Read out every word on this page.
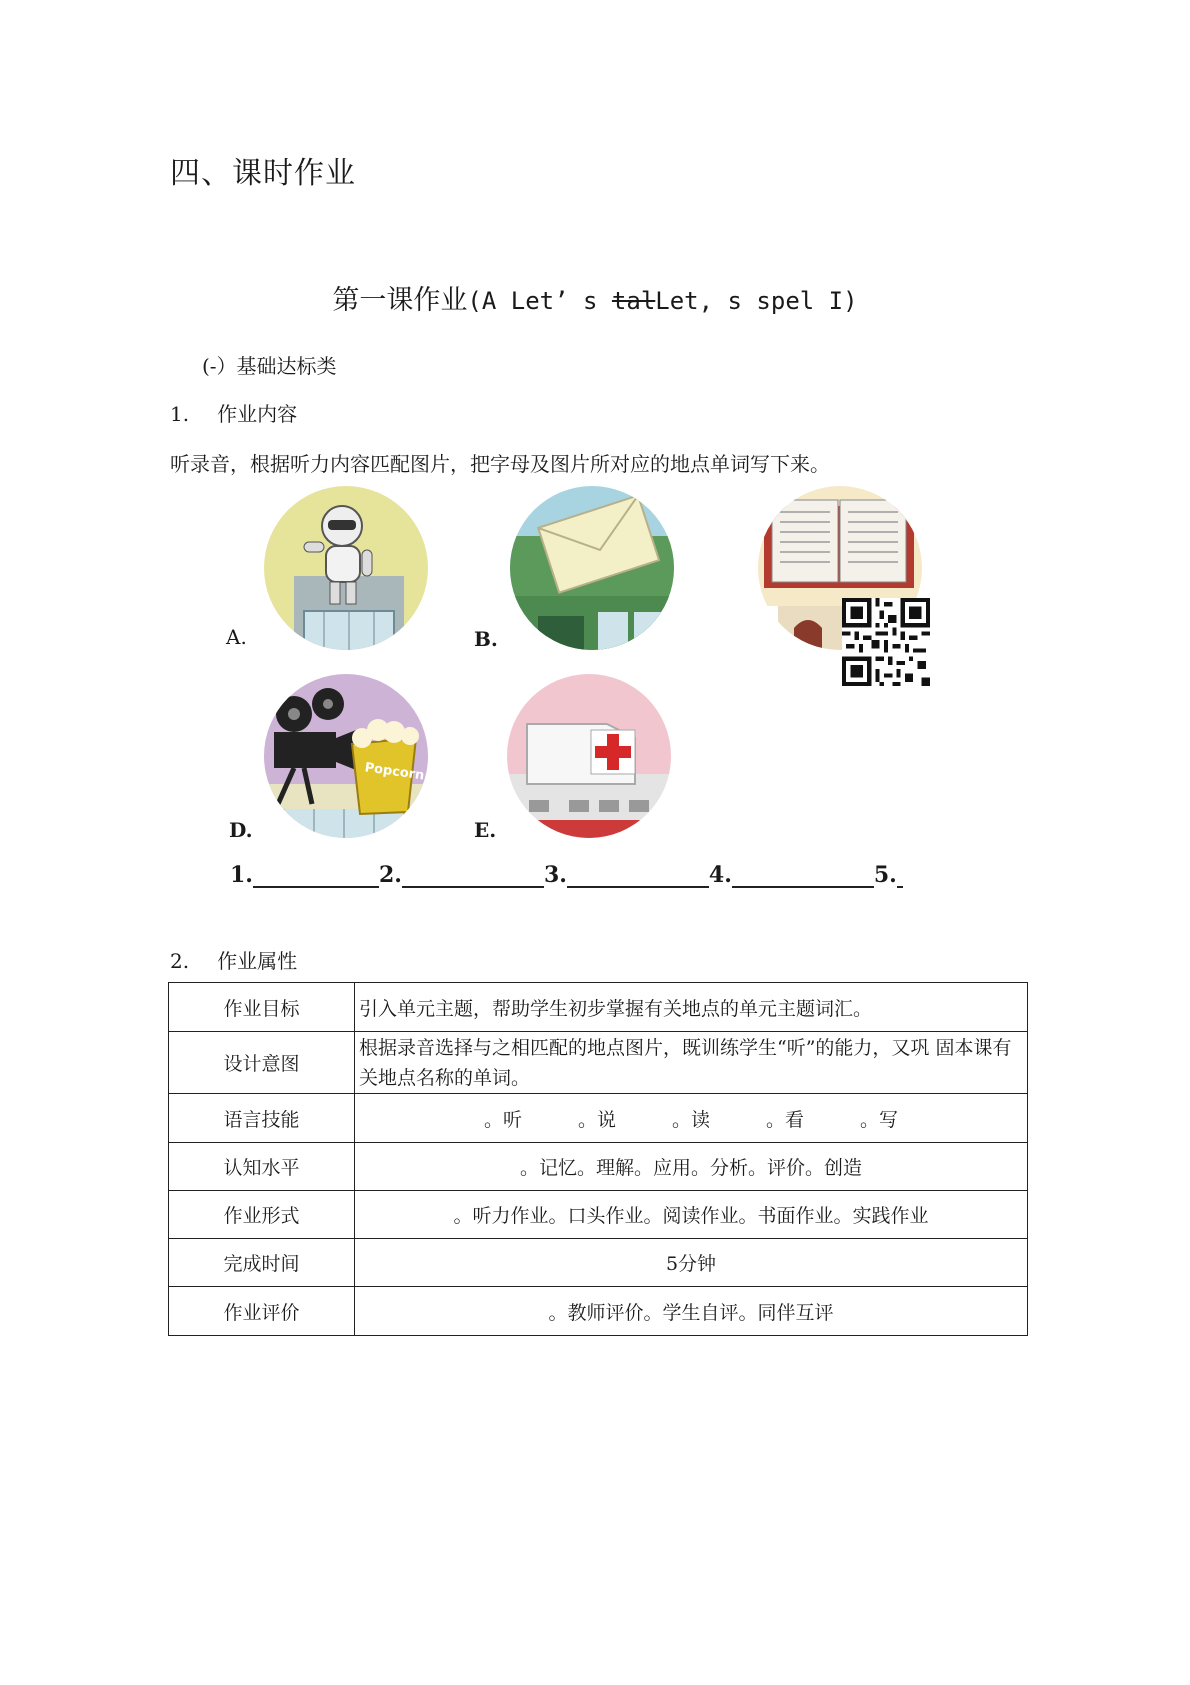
四、课时作业
第一课作业(A Let’ s talLet, s spel I)
(-）基础达标类
1. 作业内容
听录音，根据听力内容匹配图片，把字母及图片所对应的地点单词写下来。
A.	B.
Popcorn
D.	E.
1.	2.	3.	4.	5.
2. 作业属性
作业目标	引入单元主题，帮助学生初步掌握有关地点的单元主题词汇。
设计意图	根据录音选择与之相匹配的地点图片，既训练学生“听”的能力，又巩 固本课有关地点名称的单词。
语言技能	。听 。说 。读 。看 。写
认知水平	。记忆。理解。应用。分析。评价。创造
作业形式	。听力作业。口头作业。阅读作业。书面作业。实践作业
完成时间	5分钟
作业评价	。教师评价。学生自评。同伴互评
